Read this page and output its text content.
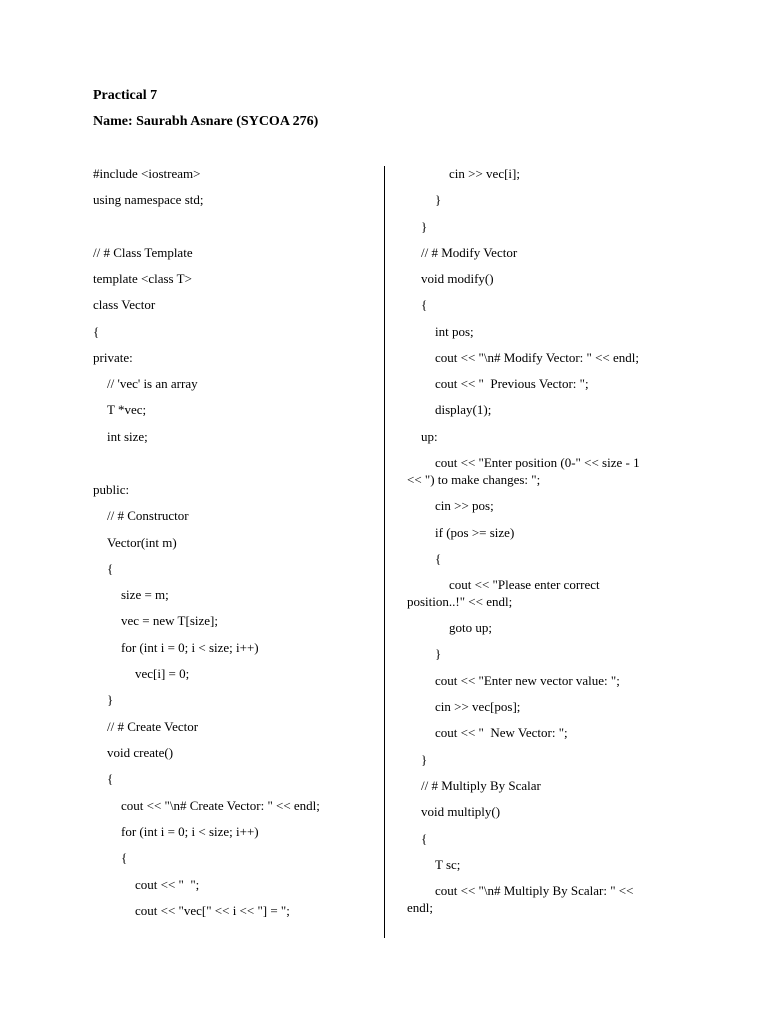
Practical 7
Name: Saurabh Asnare (SYCOA 276)
#include <iostream>
using namespace std;
// # Class Template
template <class T>
class Vector
{
private:
// 'vec' is an array
T *vec;
int size;
public:
// # Constructor
Vector(int m)
{
size = m;
vec = new T[size];
for (int i = 0; i < size; i++)
vec[i] = 0;
}
// # Create Vector
void create()
{
cout << "\n# Create Vector: " << endl;
for (int i = 0; i < size; i++)
{
cout << "  ";
cout << "vec[" << i << "] = ";
cin >> vec[i];
}
}
// # Modify Vector
void modify()
{
int pos;
cout << "\n# Modify Vector: " << endl;
cout << "  Previous Vector: ";
display(1);
up:
cout << "Enter position (0-" << size - 1
<< ") to make changes: ";
cin >> pos;
if (pos >= size)
{
cout << "Please enter correct
position..!" << endl;
goto up;
}
cout << "Enter new vector value: ";
cin >> vec[pos];
cout << "  New Vector: ";
}
// # Multiply By Scalar
void multiply()
{
T sc;
cout << "\n# Multiply By Scalar: " <<
endl;
